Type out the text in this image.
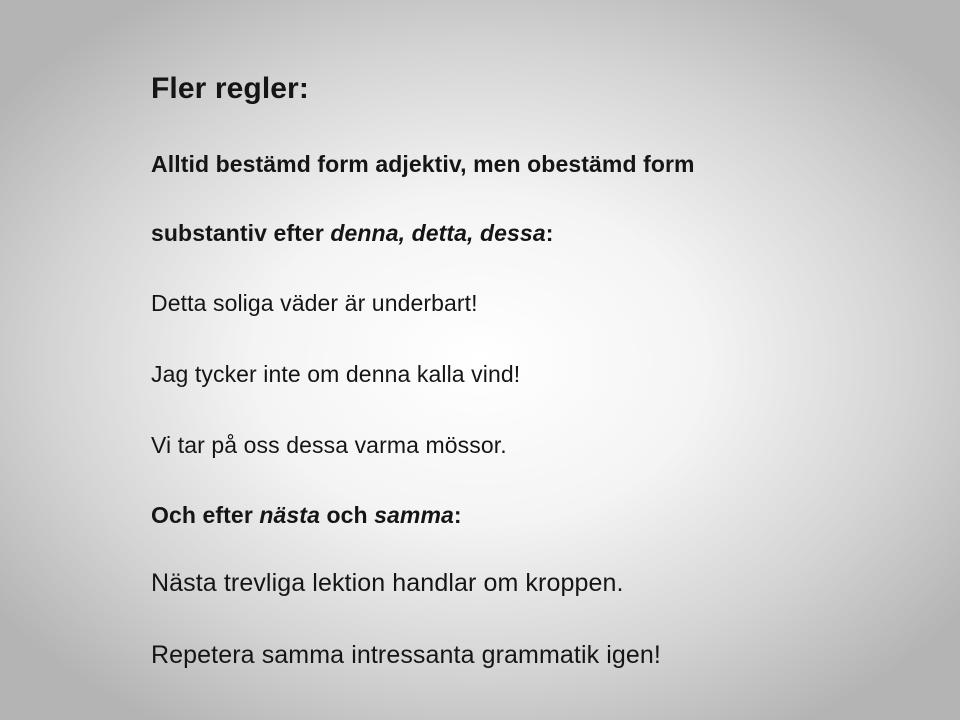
Fler regler:
Alltid bestämd form adjektiv, men obestämd form
substantiv efter denna, detta, dessa:
Detta soliga väder är underbart!
Jag tycker inte om denna kalla vind!
Vi tar på oss dessa varma mössor.
Och efter nästa och samma:
Nästa trevliga lektion handlar om kroppen.
Repetera samma intressanta grammatik igen!
